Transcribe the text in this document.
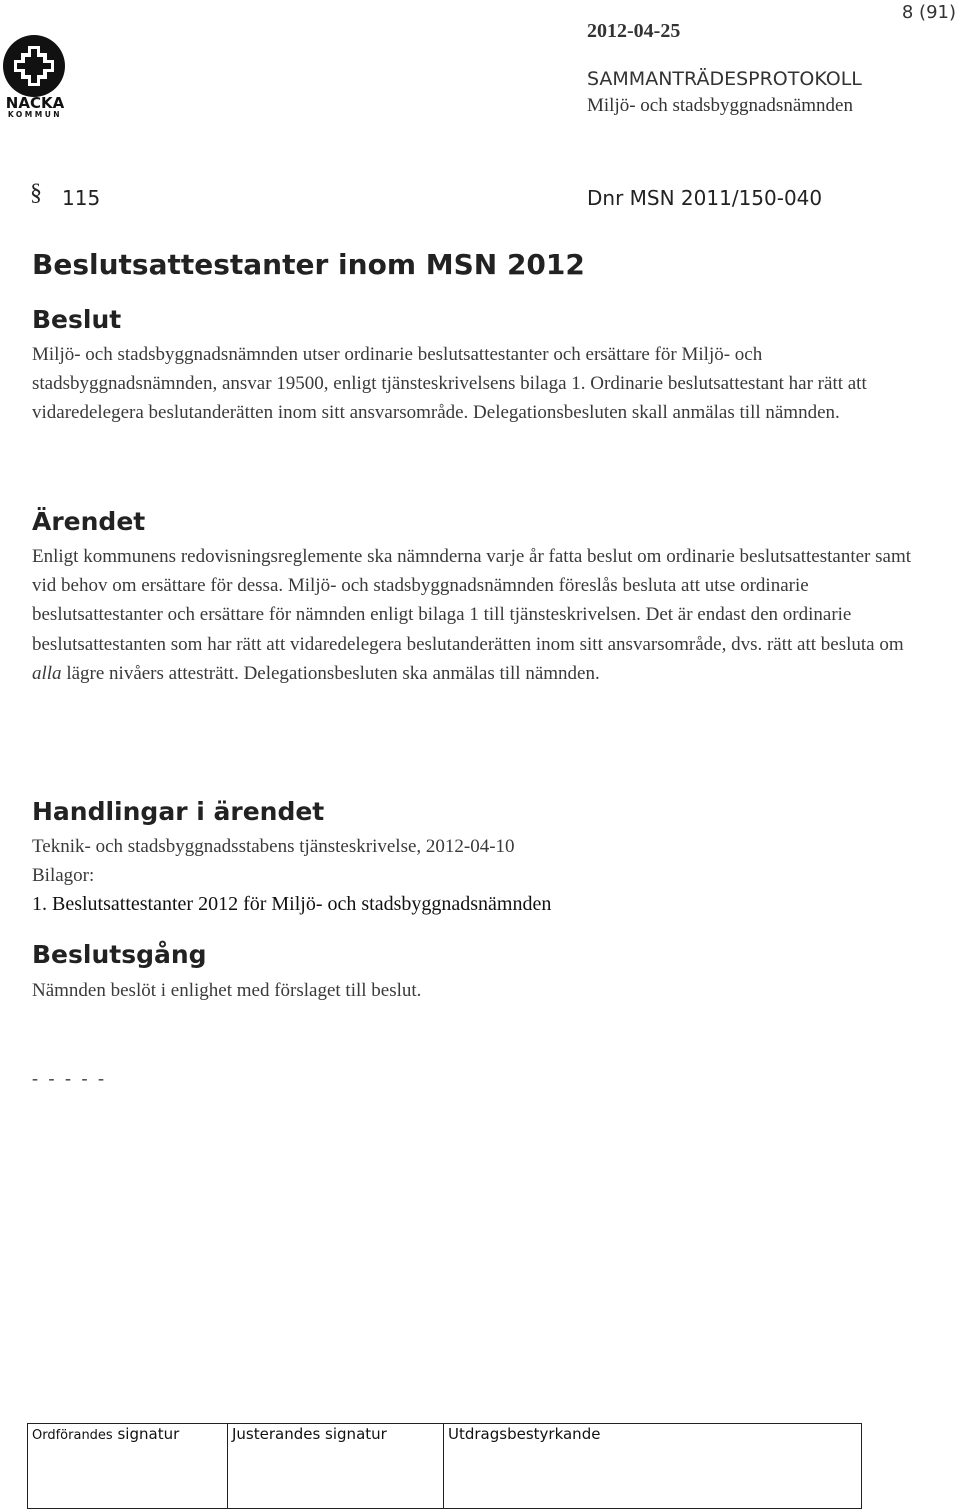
NACKA
KOMMUN
8 (91)
2012-04-25
SAMMANTRÄDESPROTOKOLL
Miljö- och stadsbyggnadsnämnden
§ 115	Dnr MSN 2011/150-040
Beslutsattestanter inom MSN 2012
Beslut

Miljö- och stadsbyggnadsnämnden utser ordinarie beslutsattestanter och ersättare för Miljö- och stadsbyggnadsnämnden, ansvar 19500, enligt tjänsteskrivelsens bilaga 1. Ordinarie beslutsattestant har rätt att vidaredelegera beslutanderätten inom sitt ansvarsområde. Delegationsbesluten skall anmälas till nämnden.

Ärendet

Enligt kommunens redovisningsreglemente ska nämnderna varje år fatta beslut om ordinarie beslutsattestanter samt vid behov om ersättare för dessa. Miljö- och stadsbyggnadsnämnden föreslås besluta att utse ordinarie beslutsattestanter och ersättare för nämnden enligt bilaga 1 till tjänsteskrivelsen. Det är endast den ordinarie beslutsattestanten som har rätt att vidaredelegera beslutanderätten inom sitt ansvarsområde, dvs. rätt att besluta om alla lägre nivåers attesträtt. Delegationsbesluten ska anmälas till nämnden.

Handlingar i ärendet

Teknik- och stadsbyggnadsstabens tjänsteskrivelse, 2012-04-10

Bilagor:

1. Beslutsattestanter 2012 för Miljö- och stadsbyggnadsnämnden
Beslutsgång

Nämnden beslöt i enlighet med förslaget till beslut.

- - - - -
Ordförandes signatur	Justerandes signatur	Utdragsbestyrkande
